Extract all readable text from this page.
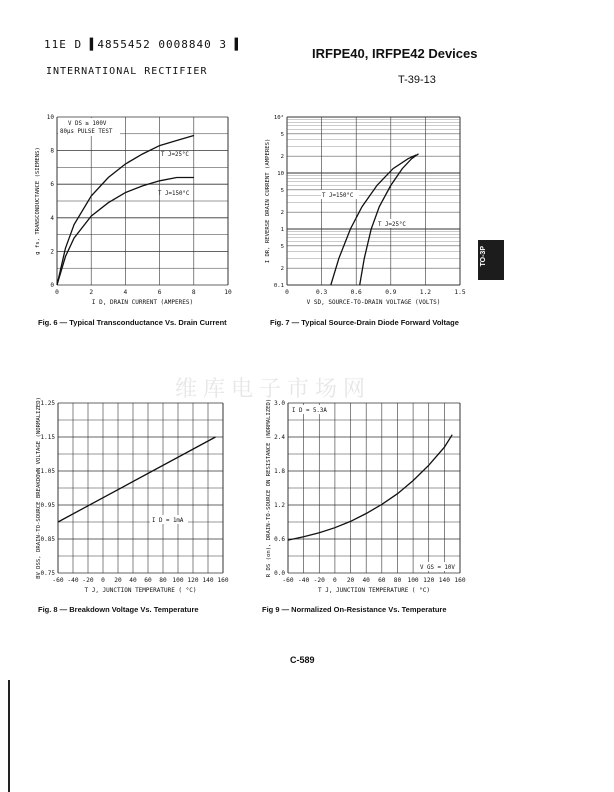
11E D ▌4855452 0008840 3 ▌
INTERNATIONAL RECTIFIER
IRFPE40, IRFPE42 Devices
T-39-13
TO-3P
维库电子市场网
0	2	4	6	8	10
0
2
4
6
8
10
I D, DRAIN CURRENT (AMPERES)
g fs, TRANSCONDUCTANCE (SIEMENS)
V DS ≥ 100V
80μs PULSE TEST
T J=25°C
T J=150°C
0	0.3	0.6	0.9	1.2	1.5
10²
5
2
10
5
2
1
5
2
0.1
V SD, SOURCE-TO-DRAIN VOLTAGE (VOLTS)
I DR, REVERSE DRAIN CURRENT (AMPERES)	T J=150°C
T J=25°C
-60 -40 -20 0 20 40 60 80 100 120 140 160
0.75
0.85
0.95
1.05
1.15
1.25
T J, JUNCTION TEMPERATURE ( °C)
BV DSS, DRAIN-TO-SOURCE BREAKDOWN VOLTAGE (NORMALIZED)	I D = 1mA
-60 -40 -20 0 20 40 60 80 100 120 140 160
0.0
0.6
1.2
1.8
2.4
3.0
T J, JUNCTION TEMPERATURE ( °C)
R DS (on), DRAIN-TO-SOURCE ON RESISTANCE (NORMALIZED)	I D = 5.3A
V GS = 10V
Fig. 6 — Typical Transconductance Vs. Drain Current	Fig. 7 — Typical Source-Drain Diode Forward Voltage
Fig. 8 — Breakdown Voltage Vs. Temperature	Fig 9 — Normalized On-Resistance Vs. Temperature
C-589
